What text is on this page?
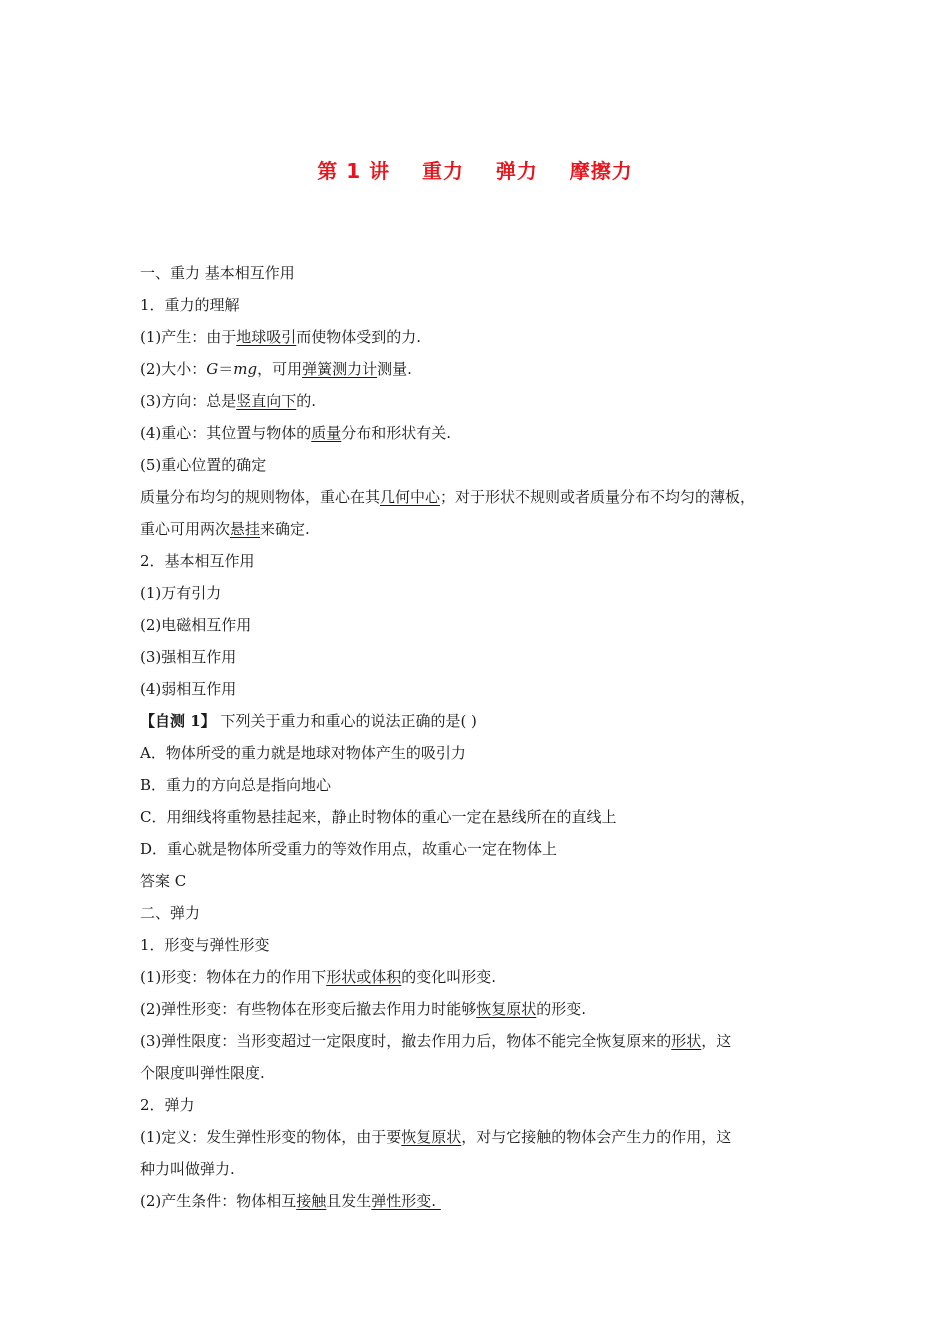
第 1 讲    重力    弹力    摩擦力
一、重力 基本相互作用
1．重力的理解
(1)产生：由于地球吸引而使物体受到的力.
(2)大小：G＝mg，可用弹簧测力计测量.
(3)方向：总是竖直向下的.
(4)重心：其位置与物体的质量分布和形状有关.
(5)重心位置的确定
质量分布均匀的规则物体，重心在其几何中心；对于形状不规则或者质量分布不均匀的薄板，
重心可用两次悬挂来确定.
2．基本相互作用
(1)万有引力
(2)电磁相互作用
(3)强相互作用
(4)弱相互作用
【自测 1】 下列关于重力和重心的说法正确的是( )
A．物体所受的重力就是地球对物体产生的吸引力
B．重力的方向总是指向地心
C．用细线将重物悬挂起来，静止时物体的重心一定在悬线所在的直线上
D．重心就是物体所受重力的等效作用点，故重心一定在物体上
答案 C
二、弹力
1．形变与弹性形变
(1)形变：物体在力的作用下形状或体积的变化叫形变.
(2)弹性形变：有些物体在形变后撤去作用力时能够恢复原状的形变.
(3)弹性限度：当形变超过一定限度时，撤去作用力后，物体不能完全恢复原来的形状，这
个限度叫弹性限度.
2．弹力
(1)定义：发生弹性形变的物体，由于要恢复原状，对与它接触的物体会产生力的作用，这
种力叫做弹力.
(2)产生条件：物体相互接触且发生弹性形变.
